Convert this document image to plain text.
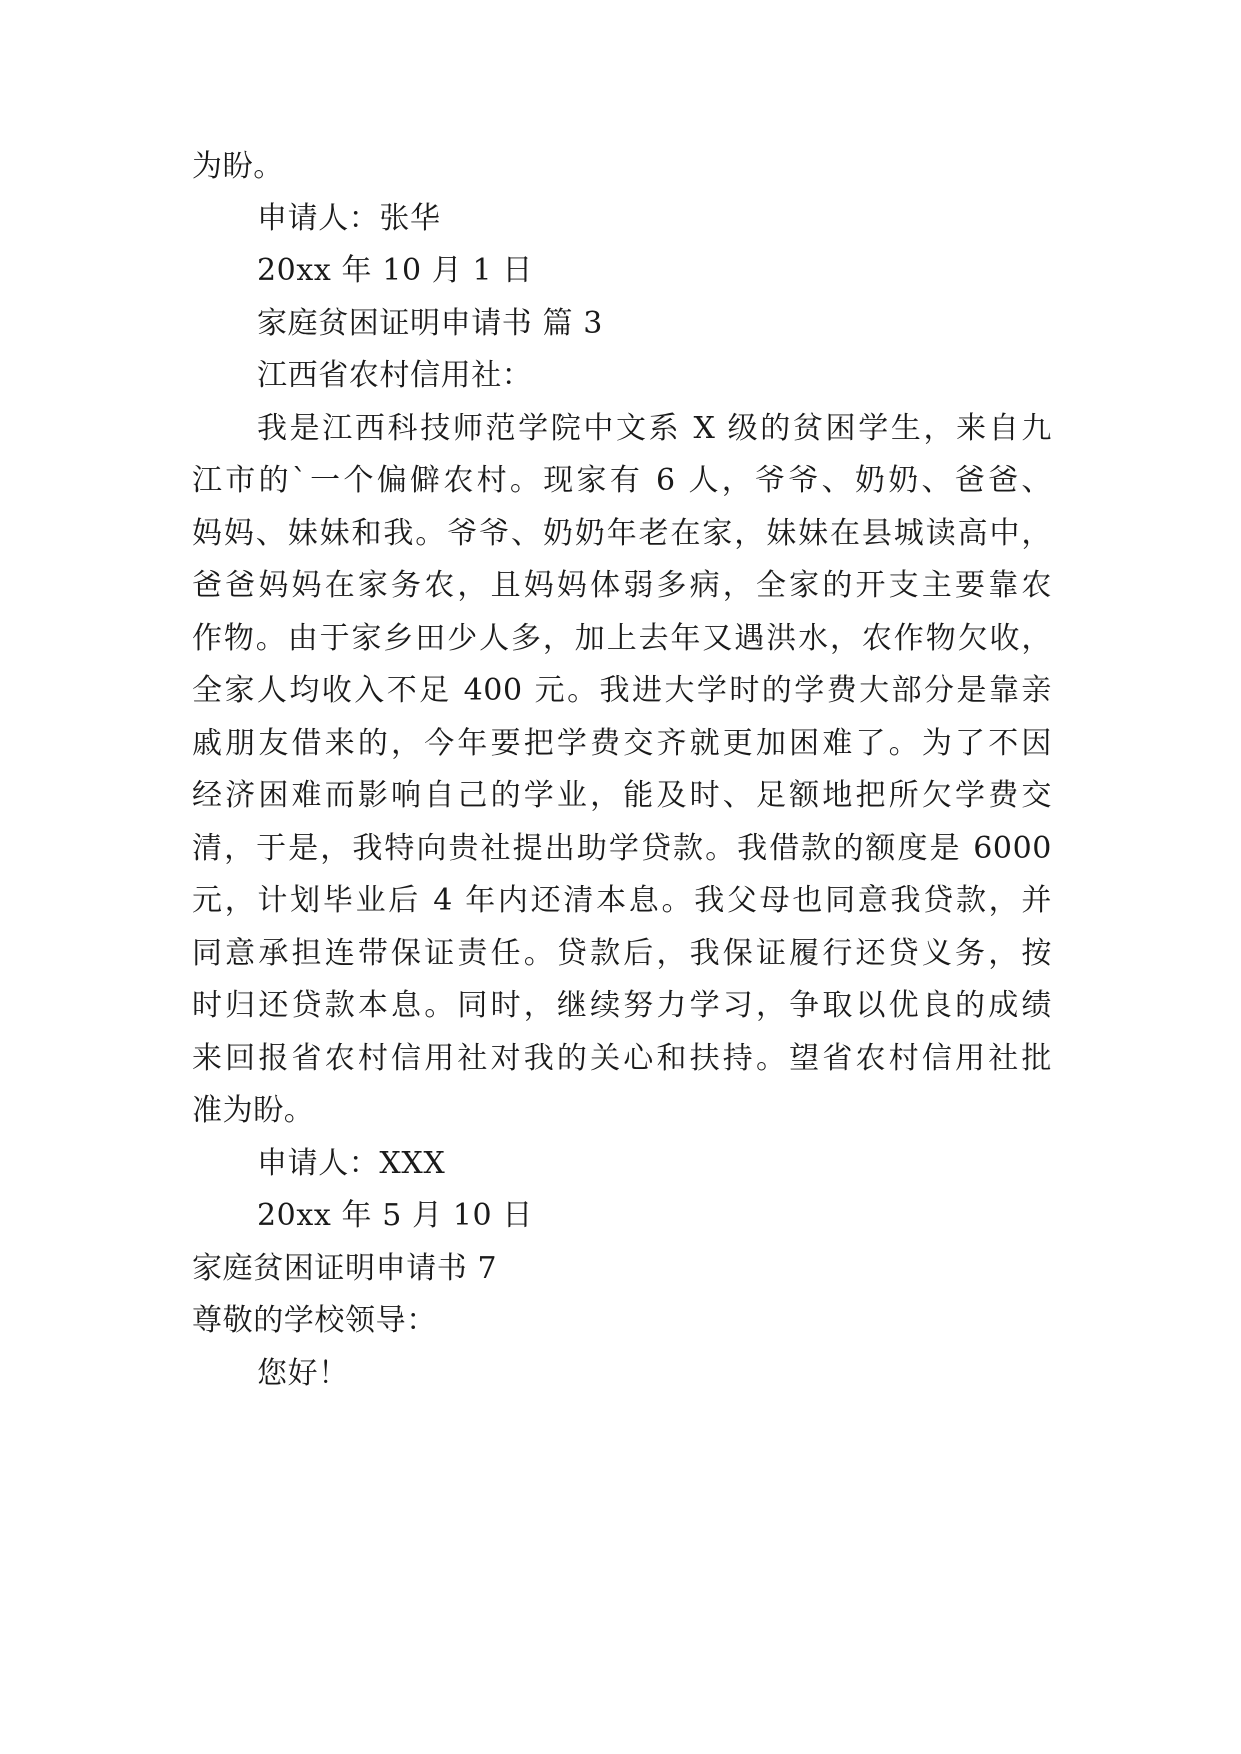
为盼。
申请人：张华
20xx 年 10 月 1 日
家庭贫困证明申请书 篇 3
江西省农村信用社：
我是江西科技师范学院中文系 X 级的贫困学生，来自九
江市的`一个偏僻农村。现家有 6 人，爷爷、奶奶、爸爸、
妈妈、妹妹和我。爷爷、奶奶年老在家，妹妹在县城读高中，
爸爸妈妈在家务农，且妈妈体弱多病，全家的开支主要靠农
作物。由于家乡田少人多，加上去年又遇洪水，农作物欠收，
全家人均收入不足 400 元。我进大学时的学费大部分是靠亲
戚朋友借来的，今年要把学费交齐就更加困难了。为了不因
经济困难而影响自己的学业，能及时、足额地把所欠学费交
清，于是，我特向贵社提出助学贷款。我借款的额度是 6000
元，计划毕业后 4 年内还清本息。我父母也同意我贷款，并
同意承担连带保证责任。贷款后，我保证履行还贷义务，按
时归还贷款本息。同时，继续努力学习，争取以优良的成绩
来回报省农村信用社对我的关心和扶持。望省农村信用社批
准为盼。
申请人：XXX
20xx 年 5 月 10 日
家庭贫困证明申请书 7
尊敬的学校领导：
您好！
